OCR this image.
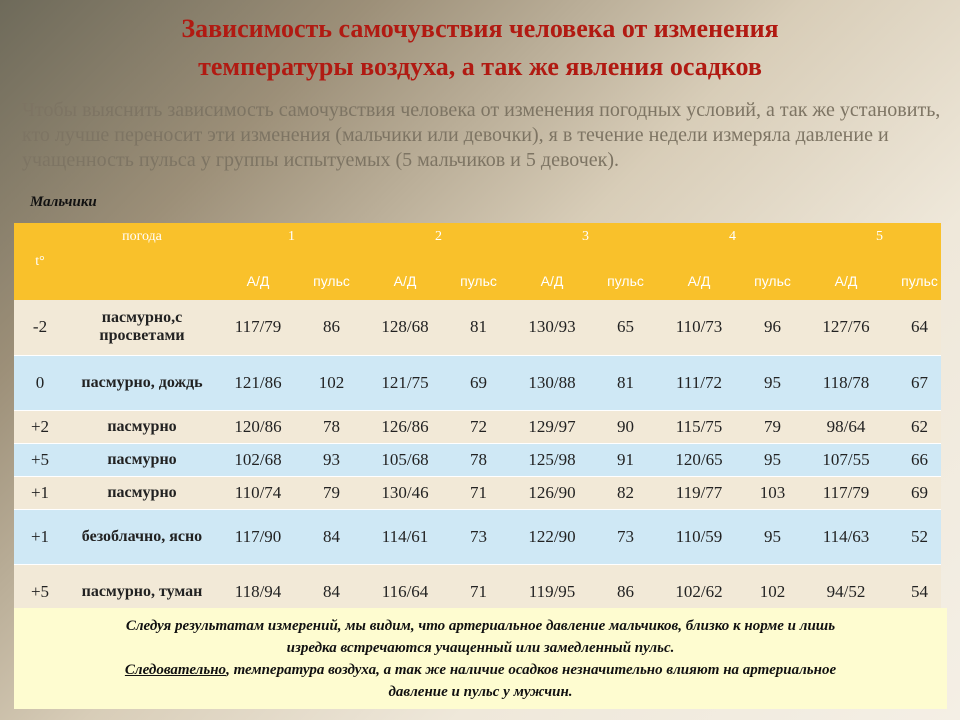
Зависимость самочувствия человека от изменения
температуры воздуха, а так же явления осадков
Чтобы выяснить зависимость самочувствия человека от изменения погодных условий, а так же установить, кто лучше переносит эти изменения (мальчики или девочки), я в течение недели измеряла давление и учащенность пульса у группы испытуемых (5 мальчиков и 5 девочек).
Мальчики
t°	погода	1		2		3		4		5	
		А/Д	пульс	А/Д	пульс	А/Д	пульс	А/Д	пульс	А/Д	пульс
-2	пасмурно,с просветами	117/79	86	128/68	81	130/93	65	110/73	96	127/76	64
0	пасмурно, дождь	121/86	102	121/75	69	130/88	81	111/72	95	118/78	67
+2	пасмурно	120/86	78	126/86	72	129/97	90	115/75	79	98/64	62
+5	пасмурно	102/68	93	105/68	78	125/98	91	120/65	95	107/55	66
+1	пасмурно	110/74	79	130/46	71	126/90	82	119/77	103	117/79	69
+1	безоблачно, ясно	117/90	84	114/61	73	122/90	73	110/59	95	114/63	52
+5	пасмурно, туман	118/94	84	116/64	71	119/95	86	102/62	102	94/52	54
Следуя результатам измерений, мы видим, что артериальное давление мальчиков, близко к норме и лишь
изредка встречаются учащенный или замедленный пульс.
Следовательно, температура воздуха, а так же наличие осадков незначительно влияют на артериальное
давление и пульс у мужчин.
